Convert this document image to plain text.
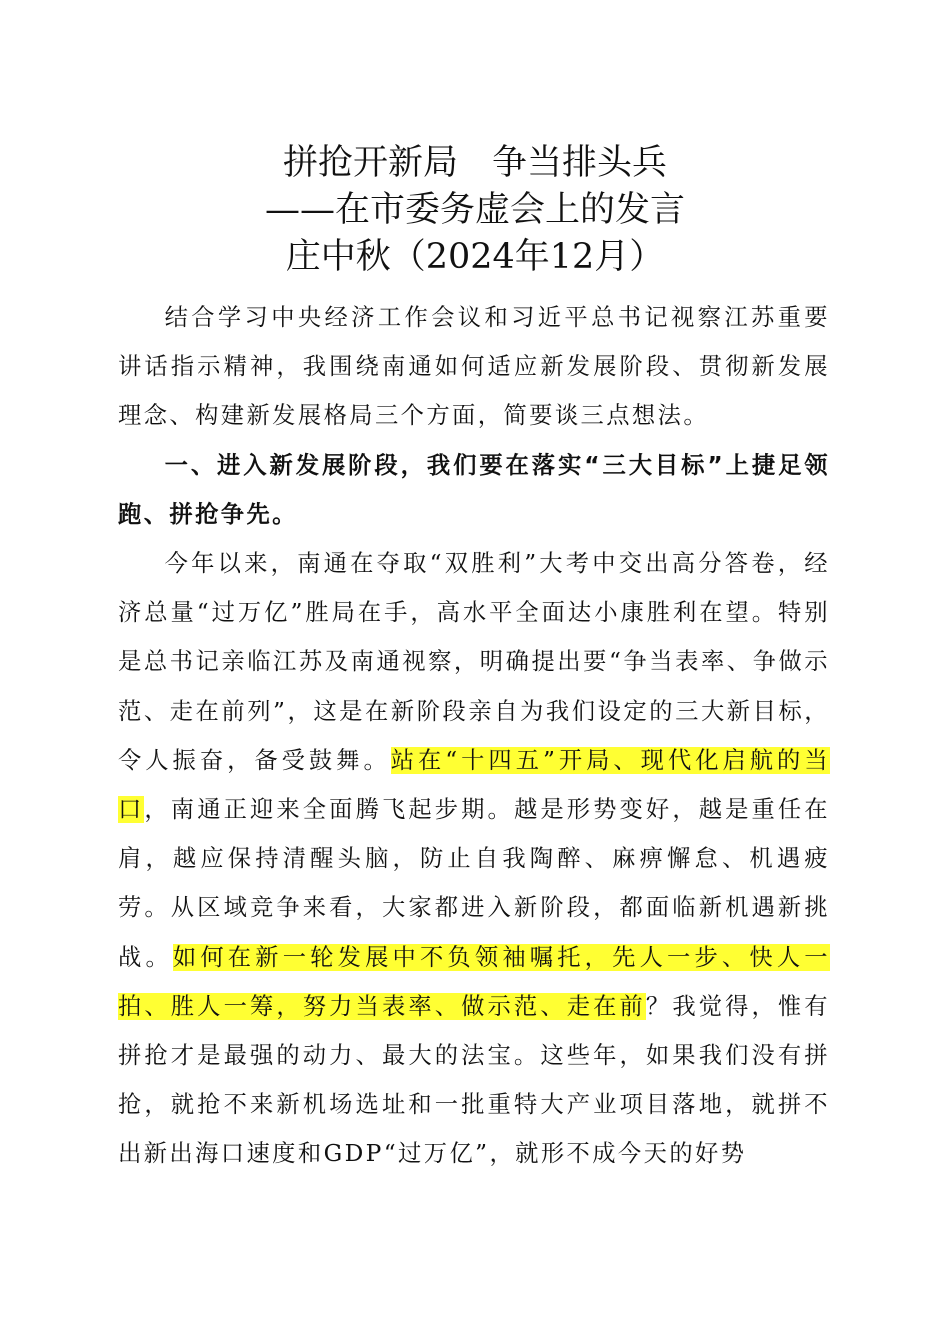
拼抢开新局 争当排头兵
——在市委务虚会上的发言
庄中秋（2024年12月）

结合学习中央经济工作会议和习近平总书记视察江苏重要讲话指示精神，我围绕南通如何适应新发展阶段、贯彻新发展理念、构建新发展格局三个方面，简要谈三点想法。

一、进入新发展阶段，我们要在落实“三大目标”上捷足领跑、拼抢争先。

今年以来，南通在夺取“双胜利”大考中交出高分答卷，经济总量“过万亿”胜局在手，高水平全面达小康胜利在望。特别是总书记亲临江苏及南通视察，明确提出要“争当表率、争做示范、走在前列”，这是在新阶段亲自为我们设定的三大新目标，令人振奋，备受鼓舞。站在“十四五”开局、现代化启航的当口，南通正迎来全面腾飞起步期。越是形势变好，越是重任在肩，越应保持清醒头脑，防止自我陶醉、麻痹懈怠、机遇疲劳。从区域竞争来看，大家都进入新阶段，都面临新机遇新挑战。如何在新一轮发展中不负领袖嘱托，先人一步、快人一拍、胜人一筹，努力当表率、做示范、走在前？我觉得，惟有拼抢才是最强的动力、最大的法宝。这些年，如果我们没有拼抢，就抢不来新机场选址和一批重特大产业项目落地，就拼不出新出海口速度和GDP“过万亿”，就形不成今天的好势
